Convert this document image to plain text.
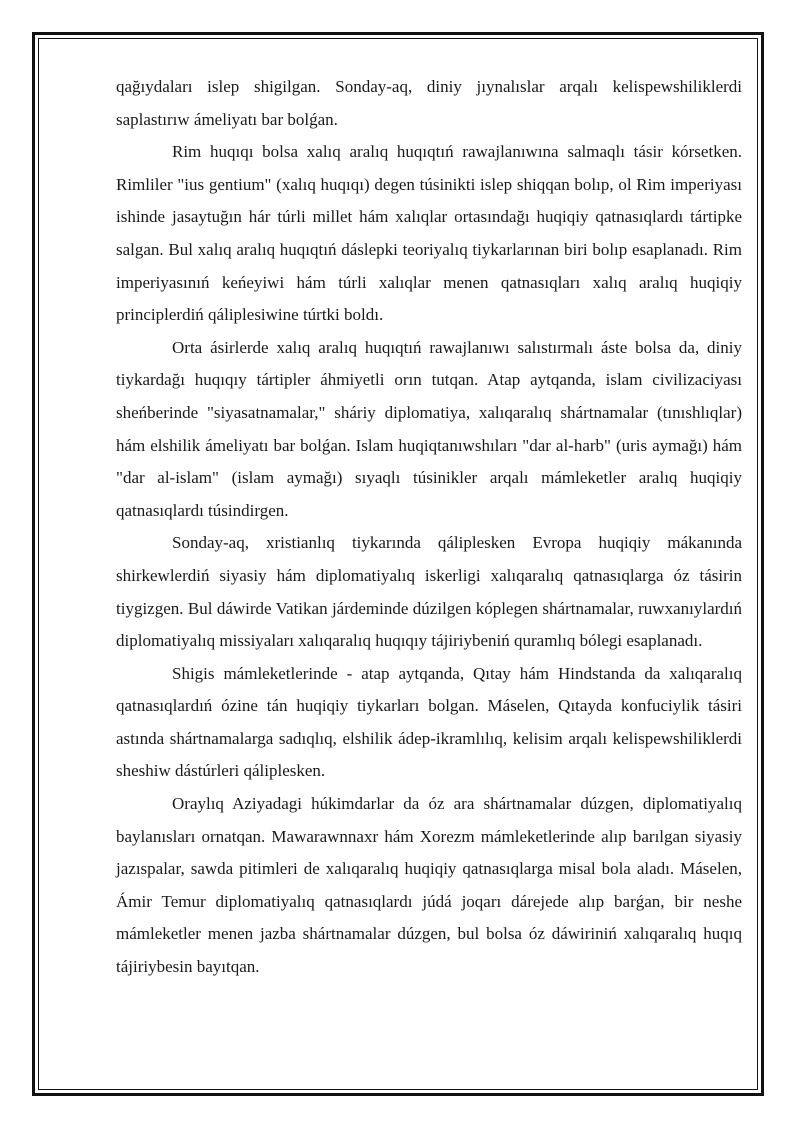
qağıydaları islep shigilgan. Sonday-aq, diniy jıynalıslar arqalı kelispewshiliklerdi saplastırıw ámeliyatı bar bolǵan.

Rim huqıqı bolsa xalıq aralıq huqıqtıń rawajlanıwına salmaqlı tásir kórsetken. Rimliler "ius gentium" (xalıq huqıqı) degen túsinikti islep shiqqan bolıp, ol Rim imperiyası ishinde jasaytuğın hár túrli millet hám xalıqlar ortasındağı huqiqiy qatnasıqlardı tártipke salgan. Bul xalıq aralıq huqıqtıń dáslepki teoriyalıq tiykarlarınan biri bolıp esaplanadı. Rim imperiyasınıń keńeyiwi hám túrli xalıqlar menen qatnasıqları xalıq aralıq huqiqiy principlerdiń qáliplesiwine túrtki boldı.

Orta ásirlerde xalıq aralıq huqıqtıń rawajlanıwı salıstırmalı áste bolsa da, diniy tiykardağı huqıqıy tártipler áhmiyetli orın tutqan. Atap aytqanda, islam civilizaciyası sheńberinde "siyasatnamalar," sháriy diplomatiya, xalıqaralıq shártnamalar (tınıshlıqlar) hám elshilik ámeliyatı bar bolǵan. Islam huqiqtanıwshıları "dar al-harb" (uris aymağı) hám "dar al-islam" (islam aymağı) sıyaqlı túsinikler arqalı mámleketler aralıq huqiqiy qatnasıqlardı túsindirgen.

Sonday-aq, xristianlıq tiykarında qáliplesken Evropa huqiqiy mákanında shirkewlerdiń siyasiy hám diplomatiyalıq iskerligi xalıqaralıq qatnasıqlarga óz tásirin tiygizgen. Bul dáwirde Vatikan járdeminde dúzilgen kóplegen shártnamalar, ruwxanıylardıń diplomatiyalıq missiyaları xalıqaralıq huqıqıy tájiriybeniń quramlıq bólegi esaplanadı.

Shigis mámleketlerinde - atap aytqanda, Qıtay hám Hindstanda da xalıqaralıq qatnasıqlardıń ózine tán huqiqiy tiykarları bolgan. Máselen, Qıtayda konfuciylik tásiri astında shártnamalarga sadıqlıq, elshilik ádep-ikramlılıq, kelisim arqalı kelispewshiliklerdi sheshiw dástúrleri qáliplesken.

Oraylıq Aziyadagi húkimdarlar da óz ara shártnamalar dúzgen, diplomatiyalıq baylanısları ornatqan. Mawarawnnaxr hám Xorezm mámleketlerinde alıp barılgan siyasiy jazıspalar, sawda pitimleri de xalıqaralıq huqiqiy qatnasıqlarga misal bola aladı. Máselen, Ámir Temur diplomatiyalıq qatnasıqlardı júdá joqarı dárejede alıp barǵan, bir neshe mámleketler menen jazba shártnamalar dúzgen, bul bolsa óz dáwiriniń xalıqaralıq huqıq tájiriybesin bayıtqan.
